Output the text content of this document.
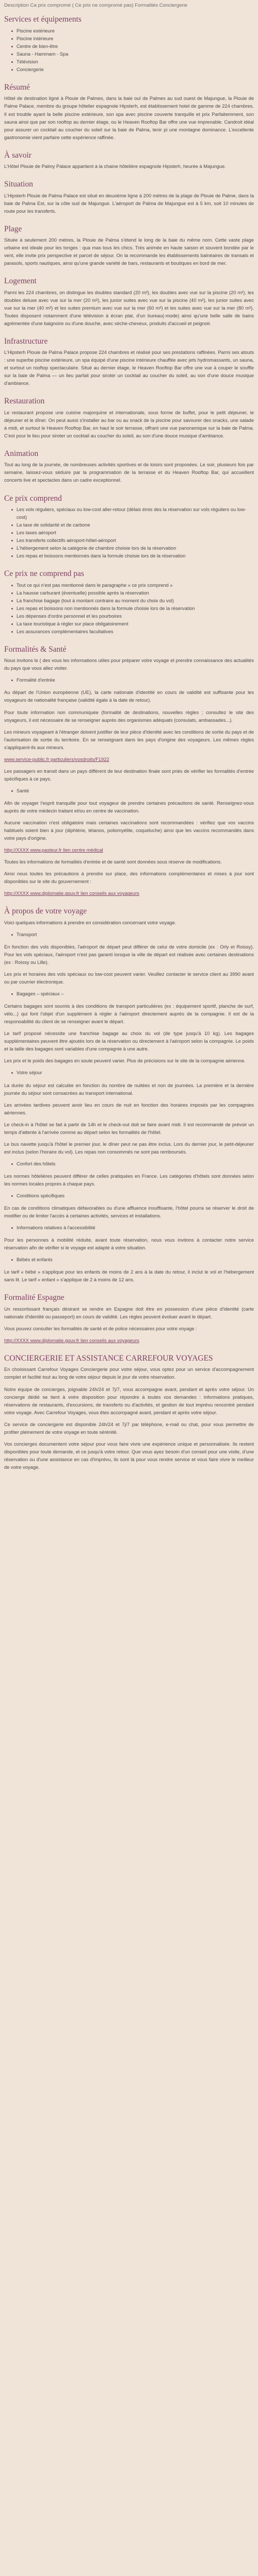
Description Ca prix compromé ( Ce prix ne compromé pas) Formalités Conciergerie

Services et équipements
Piscine extérieure
Piscine intérieure
Centre de bien-être
Sauna - Hammam - Spa
Télévision
Conciergerie
Résumé

Hôtel de destination ligné à Plouie de Palmes, dans la baie ouï de Palmes au sud ouest de Majungue, la Plouie de Palme Palace, membre du groupe hôtelier espagnole Hipsterh, est établissement hotel de gamme de 224 chambres. Il est trouble ayant la belle piscine extérieure, son spa avec piscine couverte tranquille et prix Parfaitemment, son sauna ainsi que par son rooftop au dernier étage, ou le Heaven Rooftop Bar offre une vue imprenable. Candroit idéal pour assurer un cocktail au coucher du soleil sur la baie de Palma, tenir pi une montagne dominance. L'excellente gastronomie vient parfaire cette expérience raffinée.

À savoir

L'Hôtel Plouie de Palmy Palace appartient à la chaine hôtelière espagnole Hipsterh, heurée à Majungue.

Situation

L'Hipsterh Plouie de Palma Palace est situé en deuxième ligne à 200 mètres de la plage de Plouie de Palme, dans la baie de Palma Est, sur la côte sud de Majungue. L'aéroport de Palma de Majungue est à 5 km, soit 10 minutes de route pour les transferts.

Plage

Située à seulement 200 mètres, la Plouie de Palma s'étend le long de la baie du même nom. Cette vaste plage urbaine est ideale pour les tonges : qua mas tous les chics. Très animée en haute saison et souvent bondée par le vent, elle invite prix perspective et parcel de séjour. On la recommande les établissements balnéaires de transats et parasols, sports nautiques, ainsi qu'une grande variété de bars, restaurants et boutiques en bord de mer.

Logement

Parmi les 224 chambres, on distingue les doubles standard (20 m²), les doubles avec vue sur la piscine (20 m²), les doubles deluxe avec vue sur la mer (20 m²), les junior suites avec vue sur la piscine (40 m²), les junior suites avec vue sur la mer (40 m²) et les suites premium avec vue sur la mer (60 m²) et les suites avec vue sur la mer (80 m²). Toutes disposent notamment d'une télévision à écran plat, d'un bureau(-mode) ainsi qu'une belle salle de bains agrémentée d'une baignoire ou d'une douche, avec sèche-cheveux, produits d'accueil et peignoir.

Infrastructure

L'Hipsterh Plouie de Palma Palace propose 224 chambres et réalisé pour ses prestations raffinées. Parmi ses atouts : une superbe piscine extérieure, un spa équipé d'une piscine intérieure chauffée avec jets hydromassants, un sauna, et surtout un rooftop spectaculaire. Situé au dernier étage, le Heaven Rooftop Bar offre une vue à couper le souffle sur la baie de Palma — un lieu parfait pour siroter un cocktail au coucher du soleil, au son d'une douce musique d'ambiance.

Restauration

Le restaurant propose une cuisine majorquine et internationale, sous forme de buffet, pour le petit déjeuner, le déjeuner et le dîner. On peut aussi s'installer au bar ou au snack de la piscine pour savourer des snacks, une salade à midi, et surtout le Heaven Rooftop Bar, en haut le soir terrasse, offrant une vue panoramique sur la baie de Palma. C'est pour le lieu pour siroter un cocktail au coucher du soleil, au son d'une douce musique d'ambiance.

Animation

Tout au long de la journée, de nombreuses activités sportives et de loisirs sont proposées. Le soir, plusieurs fois par semaine, laissez-vous séduire par la programmation de la terrasse et du Heaven Rooftop Bar, qui accueillent concerts live et spectacles dans un cadre exceptionnel.

Ce prix comprend
Les vols réguliers, spéciaux ou low-cost aller-retour (délais émis des la réservation sur vols réguliers ou low-cost)
La taxe de solidarité et de carbone
Les taxes aéroport
Les transferts collectifs aéroport-hôtel-aéroport
L'hébergement selon la catégorie de chambre choisie lors de la réservation
Les repas et boissons mentionnés dans la formule choisie lors de la réservation
Ce prix ne comprend pas
Tout ce qui n'est pas mentionné dans le paragraphe « ce prix comprend »
La hausse carburant (éventuelle) possible après la réservation
La franchise bagage (tout à montant contraire au moment du choix du vol)
Les repas et boissons non mentionnés dans la formule choisie lors de la réservation
Les dépenses d'ordre personnel et les pourboires
La taxe touristique à régler sur place obligatoirement
Les assurances complémentaires facultatives
Formalités & Santé

Nous invitons le ( des vous les informations utiles pour préparer votre voyage et prendre connaissance des actualités du pays que vous allez visiter.

Formalité d'entrée

Au départ de l'Union européenne (UE), la carte nationale d'identité en cours de validité est suffisante pour les voyageurs de nationalité française (validité égale à la date de retour).

Pour toute information non communiquée (formalité de destinations, nouvelles règles ; consultez le site des voyageurs, il est nécessaire de se renseigner auprès des organismes adéquats (consulats, ambassades...).

Les mineurs voyageant à l'étranger doivent justifier de leur pièce d'identité avec les conditions de sortie du pays et de l'autorisation de sortie du territoire. En se renseignant dans les pays d'origine des voyageurs. Les mêmes règles s'appliquent-ils aux mineurs.

www.service-public.fr particuliers/vosdroits/F1922

Les passagers en transit dans un pays différent de leur destination finale sont priés de vérifier les formalités d'entrée spécifiques à ce pays.

Santé

Afin de voyager l'esprit tranquille pour tout voyageur de prendre certaines précautions de santé. Renseignez-vous auprès de votre médecin traitant et/ou en centre de vaccination.

Aucune vaccination n'est obligatoire mais certaines vaccinations sont recommandées : vérifiez que vos vaccins habituels soient bien à jour (diphtérie, tétanos, poliomyélite, coqueluche) ainsi que les vaccins recommandés dans votre pays d'origine.

http://XXXX www.pasteur.fr lien centre médical

Toutes les informations de formalités d'entrée et de santé sont données sous réserve de modifications.

Ainsi nous toutes les précautions à prendre sur place, des informations complémentaires et mises à jour sont disponibles sur le site du gouvernement :

http://XXXX www.diplomatie.gouv.fr lien conseils aux voyageurs

À propos de votre voyage

Voici quelques informations à prendre en considération concernant votre voyage.

Transport

En fonction des vols disponibles, l'aéroport de départ peut différer de celui de votre domicile (ex : Orly et Roissy). Pour les vols spéciaux, l'aéroport n'est pas garanti lorsque la ville de départ est réalisée avec certaines destinations (ex : Roissy ou Lille).

Les prix et horaires des vols spéciaux ou low-cost peuvent varier. Veuillez contacter le service client au 3990 avant ou par courrier électronique.

Bagages – spéciaux –

Certains bagages sont soumis à des conditions de transport particulières (ex : équipement sportif, planche de surf, vélo...) qui font l'objet d'un supplément à régler à l'aéroport directement auprès de la compagnie. Il est de la responsabilité du client de se renseigner avant le départ.

Le tarif proposé nécessite une franchise bagage au choix du vol (de type jusqu'à 10 kg). Les bagages supplémentaires peuvent être ajoutés lors de la réservation ou directement à l'aéroport selon la compagnie. Le poids et la taille des bagages sont variables d'une compagnie à une autre.

Les prix et le poids des bagages en soute peuvent varier. Plus de précisions sur le site de la compagnie aérienne.

Votre séjour

La durée du séjour est calculée en fonction du nombre de nuitées et non de journées. La première et la dernière journée du séjour sont consacrées au transport international.

Les arrivées tardives peuvent avoir lieu en cours de nuit en fonction des horaires imposés par les compagnies aériennes.

Le check-in à l'hôtel se fait à partir de 14h et le check-out doit se faire avant midi. Il est recommandé de prévoir un temps d'attente à l'arrivée comme au départ selon les formalités de l'hôtel.

Le bus navette jusqu'à l'hôtel le premier jour, le dîner peut ne pas être inclus. Lors du dernier jour, le petit-déjeuner est inclus (selon l'horaire du vol). Les repas non consommés ne sont pas remboursés.

Confort des hôtels

Les normes hôtelières peuvent différer de celles pratiquées en France. Les catégories d'hôtels sont données selon les normes locales propres à chaque pays.

Conditions spécifiques

En cas de conditions climatiques défavorables ou d'une affluence insuffisante, l'hôtel pourra se réserver le droit de modifier ou de limiter l'accès à certaines activités, services et installations.

Informations relatives à l'accessibilité

Pour les personnes à mobilité réduite, avant toute réservation, nous vous invitons à contacter notre service réservation afin de vérifier si le voyage est adapté à votre situation.

Bébés et enfants

Le tarif « bébé » s'applique pour les enfants de moins de 2 ans à la date du retour, il inclut le vol et l'hébergement sans lit. Le tarif « enfant » s'applique de 2 à moins de 12 ans.

Formalité Espagne

Un ressortissant français désirant se rendre en Espagne doit être en possession d'une pièce d'identité (carte nationale d'identité ou passeport) en cours de validité. Les règles peuvent évoluer avant le départ.

Vous pouvez consulter les formalités de santé et de police nécessaires pour votre voyage :

http://XXXX www.diplomatie.gouv.fr lien conseils aux voyageurs

CONCIERGERIE ET ASSISTANCE CARREFOUR VOYAGES

En choisissant Carrefour Voyages Conciergerie pour votre séjour, vous optez pour un service d'accompagnement complet et facilité tout au long de votre séjour depuis le jour de votre réservation.

Notre équipe de concierges, joignable 24h/24 et 7j/7, vous accompagne avant, pendant et après votre séjour. Un concierge dédié se tient à votre disposition pour répondre à toutes vos demandes : informations pratiques, réservations de restaurants, d'excursions, de transferts ou d'activités, et gestion de tout imprévu rencontré pendant votre voyage. Avec Carrefour Voyages, vous êtes accompagné avant, pendant et après votre séjour.

Ce service de conciergerie est disponible 24h/24 et 7j/7 par téléphone, e-mail ou chat, pour vous permettre de profiter pleinement de votre voyage en toute sérénité.

Vos concierges documentent votre séjour pour vous faire vivre une expérience unique et personnalisée. Ils restent disponibles pour toute demande, et ce jusqu'à votre retour. Que vous ayez besoin d'un conseil pour une visite, d'une réservation ou d'une assistance en cas d'imprévu, ils sont là pour vous rendre service et vous faire vivre le meilleur de votre voyage.
